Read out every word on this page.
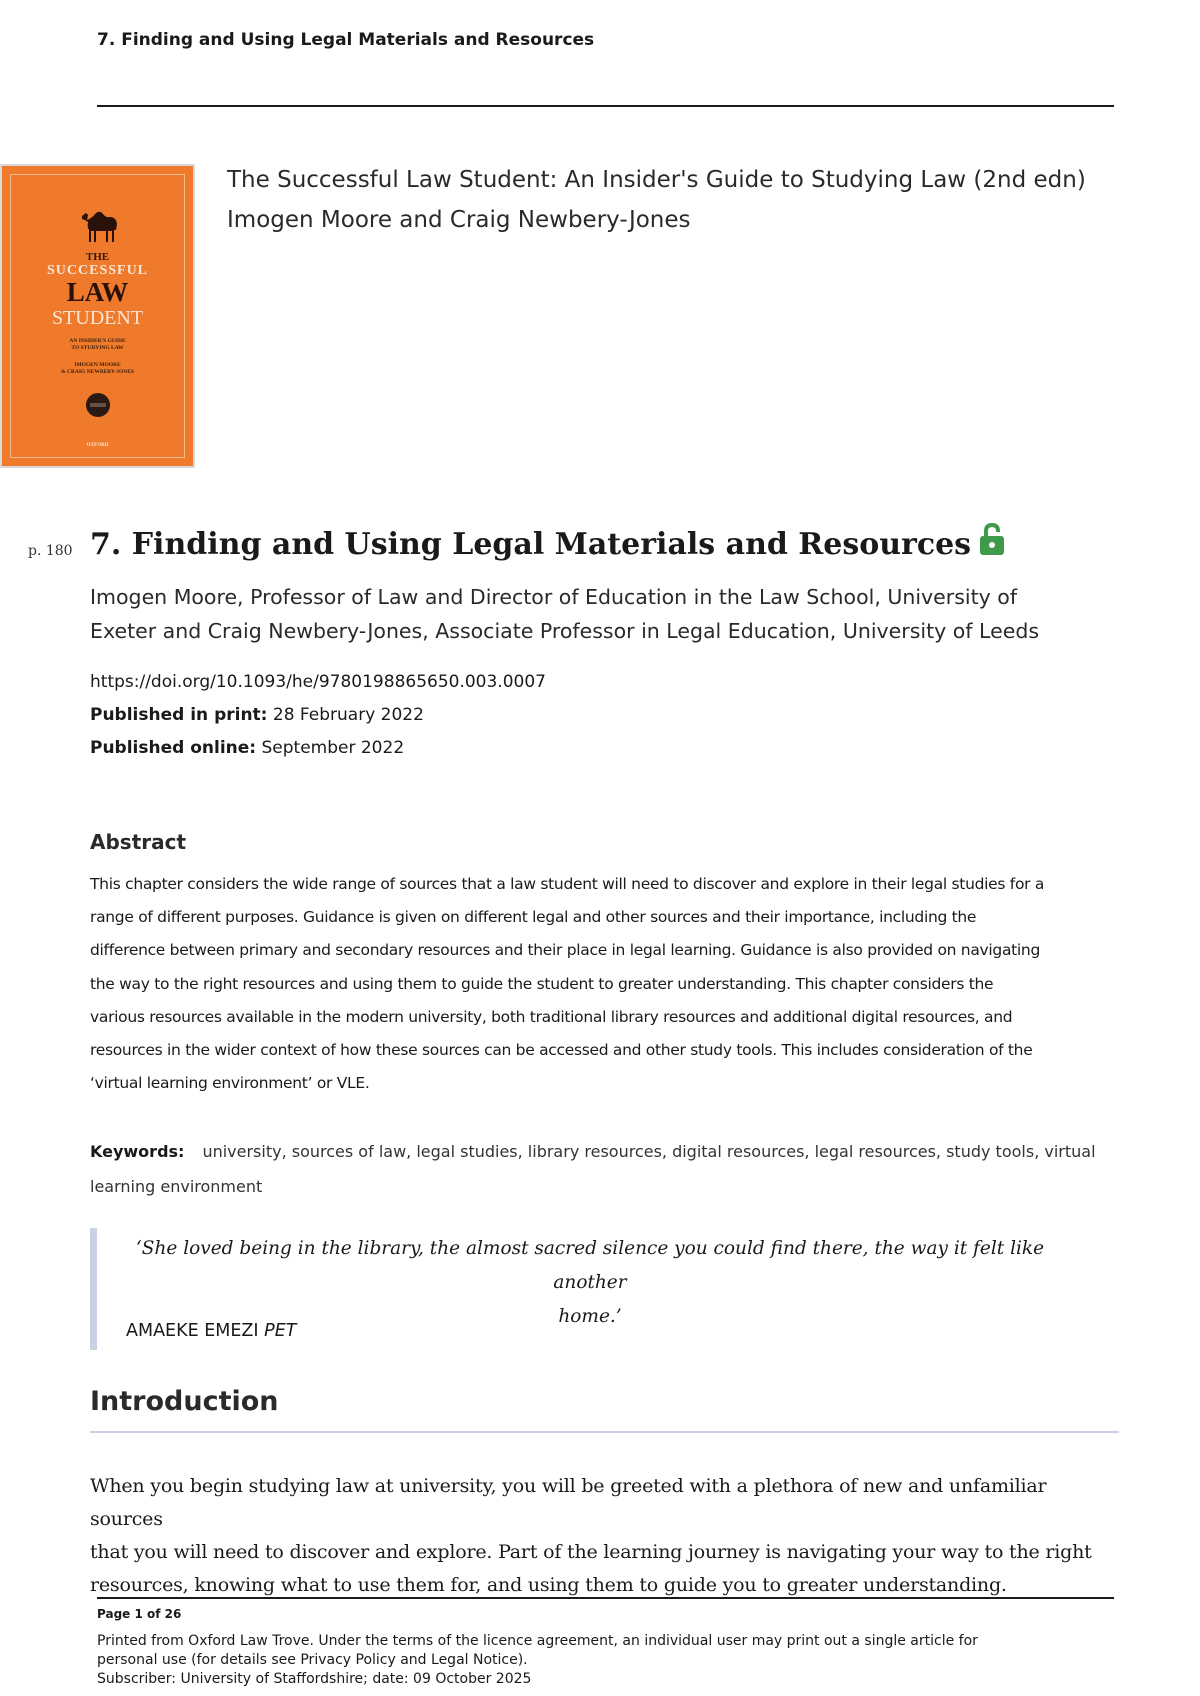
7. Finding and Using Legal Materials and Resources
THE
SUCCESSFUL
LAW
STUDENT
AN INSIDER'S GUIDE
TO STUDYING LAW
IMOGEN MOORE
& CRAIG NEWBERY-JONES
OXFORD
The Successful Law Student: An Insider's Guide to Studying Law (2nd edn)
Imogen Moore and Craig Newbery-Jones
p. 180 7. Finding and Using Legal Materials and Resources
Imogen Moore, Professor of Law and Director of Education in the Law School, University of
Exeter and Craig Newbery-Jones, Associate Professor in Legal Education, University of Leeds
https://doi.org/10.1093/he/9780198865650.003.0007
Published in print: 28 February 2022
Published online: September 2022
Abstract
This chapter considers the wide range of sources that a law student will need to discover and explore in their legal studies for a
range of different purposes. Guidance is given on different legal and other sources and their importance, including the
difference between primary and secondary resources and their place in legal learning. Guidance is also provided on navigating
the way to the right resources and using them to guide the student to greater understanding. This chapter considers the
various resources available in the modern university, both traditional library resources and additional digital resources, and
resources in the wider context of how these sources can be accessed and other study tools. This includes consideration of the
‘virtual learning environment’ or VLE.
Keywords: university, sources of law, legal studies, library resources, digital resources, legal resources, study tools, virtual
learning environment
‘She loved being in the library, the almost sacred silence you could find there, the way it felt like another
home.’
AMAEKE EMEZI PET
Introduction
When you begin studying law at university, you will be greeted with a plethora of new and unfamiliar sources
that you will need to discover and explore. Part of the learning journey is navigating your way to the right
resources, knowing what to use them for, and using them to guide you to greater understanding.
Page 1 of 26
Printed from Oxford Law Trove. Under the terms of the licence agreement, an individual user may print out a single article for
personal use (for details see Privacy Policy and Legal Notice).
Subscriber: University of Staffordshire; date: 09 October 2025
